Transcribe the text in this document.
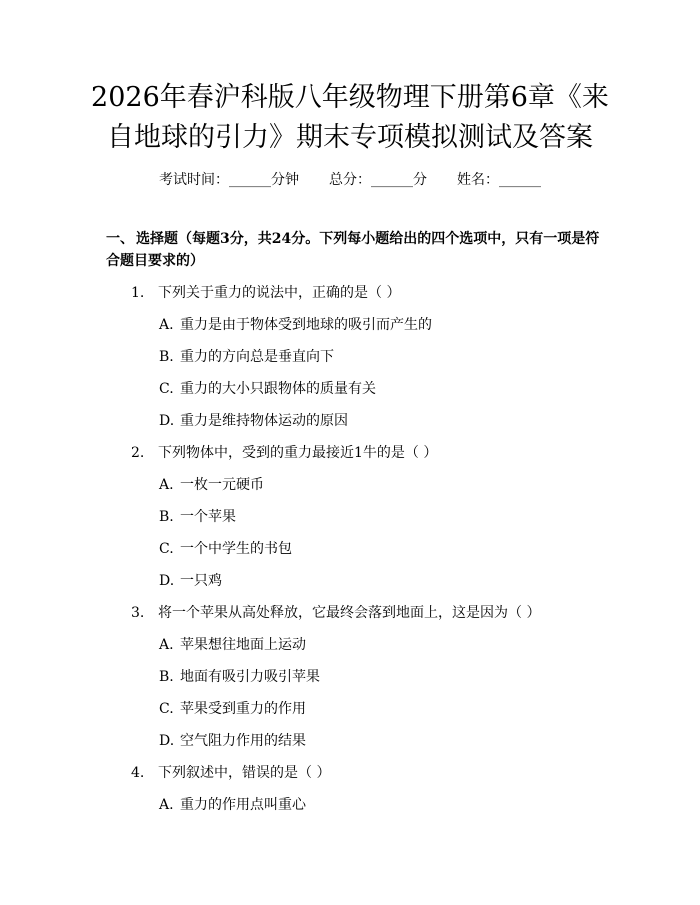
2026年春沪科版八年级物理下册第6章《来
自地球的引力》期末专项模拟测试及答案
考试时间：______分钟 总分：______分 姓名：______
一、 选择题（每题3分，共24分。下列每小题给出的四个选项中，只有一项是符合题目要求的）
1. 下列关于重力的说法中，正确的是（ ）
A. 重力是由于物体受到地球的吸引而产生的
B. 重力的方向总是垂直向下
C. 重力的大小只跟物体的质量有关
D. 重力是维持物体运动的原因
2. 下列物体中，受到的重力最接近1牛的是（ ）
A. 一枚一元硬币
B. 一个苹果
C. 一个中学生的书包
D. 一只鸡
3. 将一个苹果从高处释放，它最终会落到地面上，这是因为（ ）
A. 苹果想往地面上运动
B. 地面有吸引力吸引苹果
C. 苹果受到重力的作用
D. 空气阻力作用的结果
4. 下列叙述中，错误的是（ ）
A. 重力的作用点叫重心
